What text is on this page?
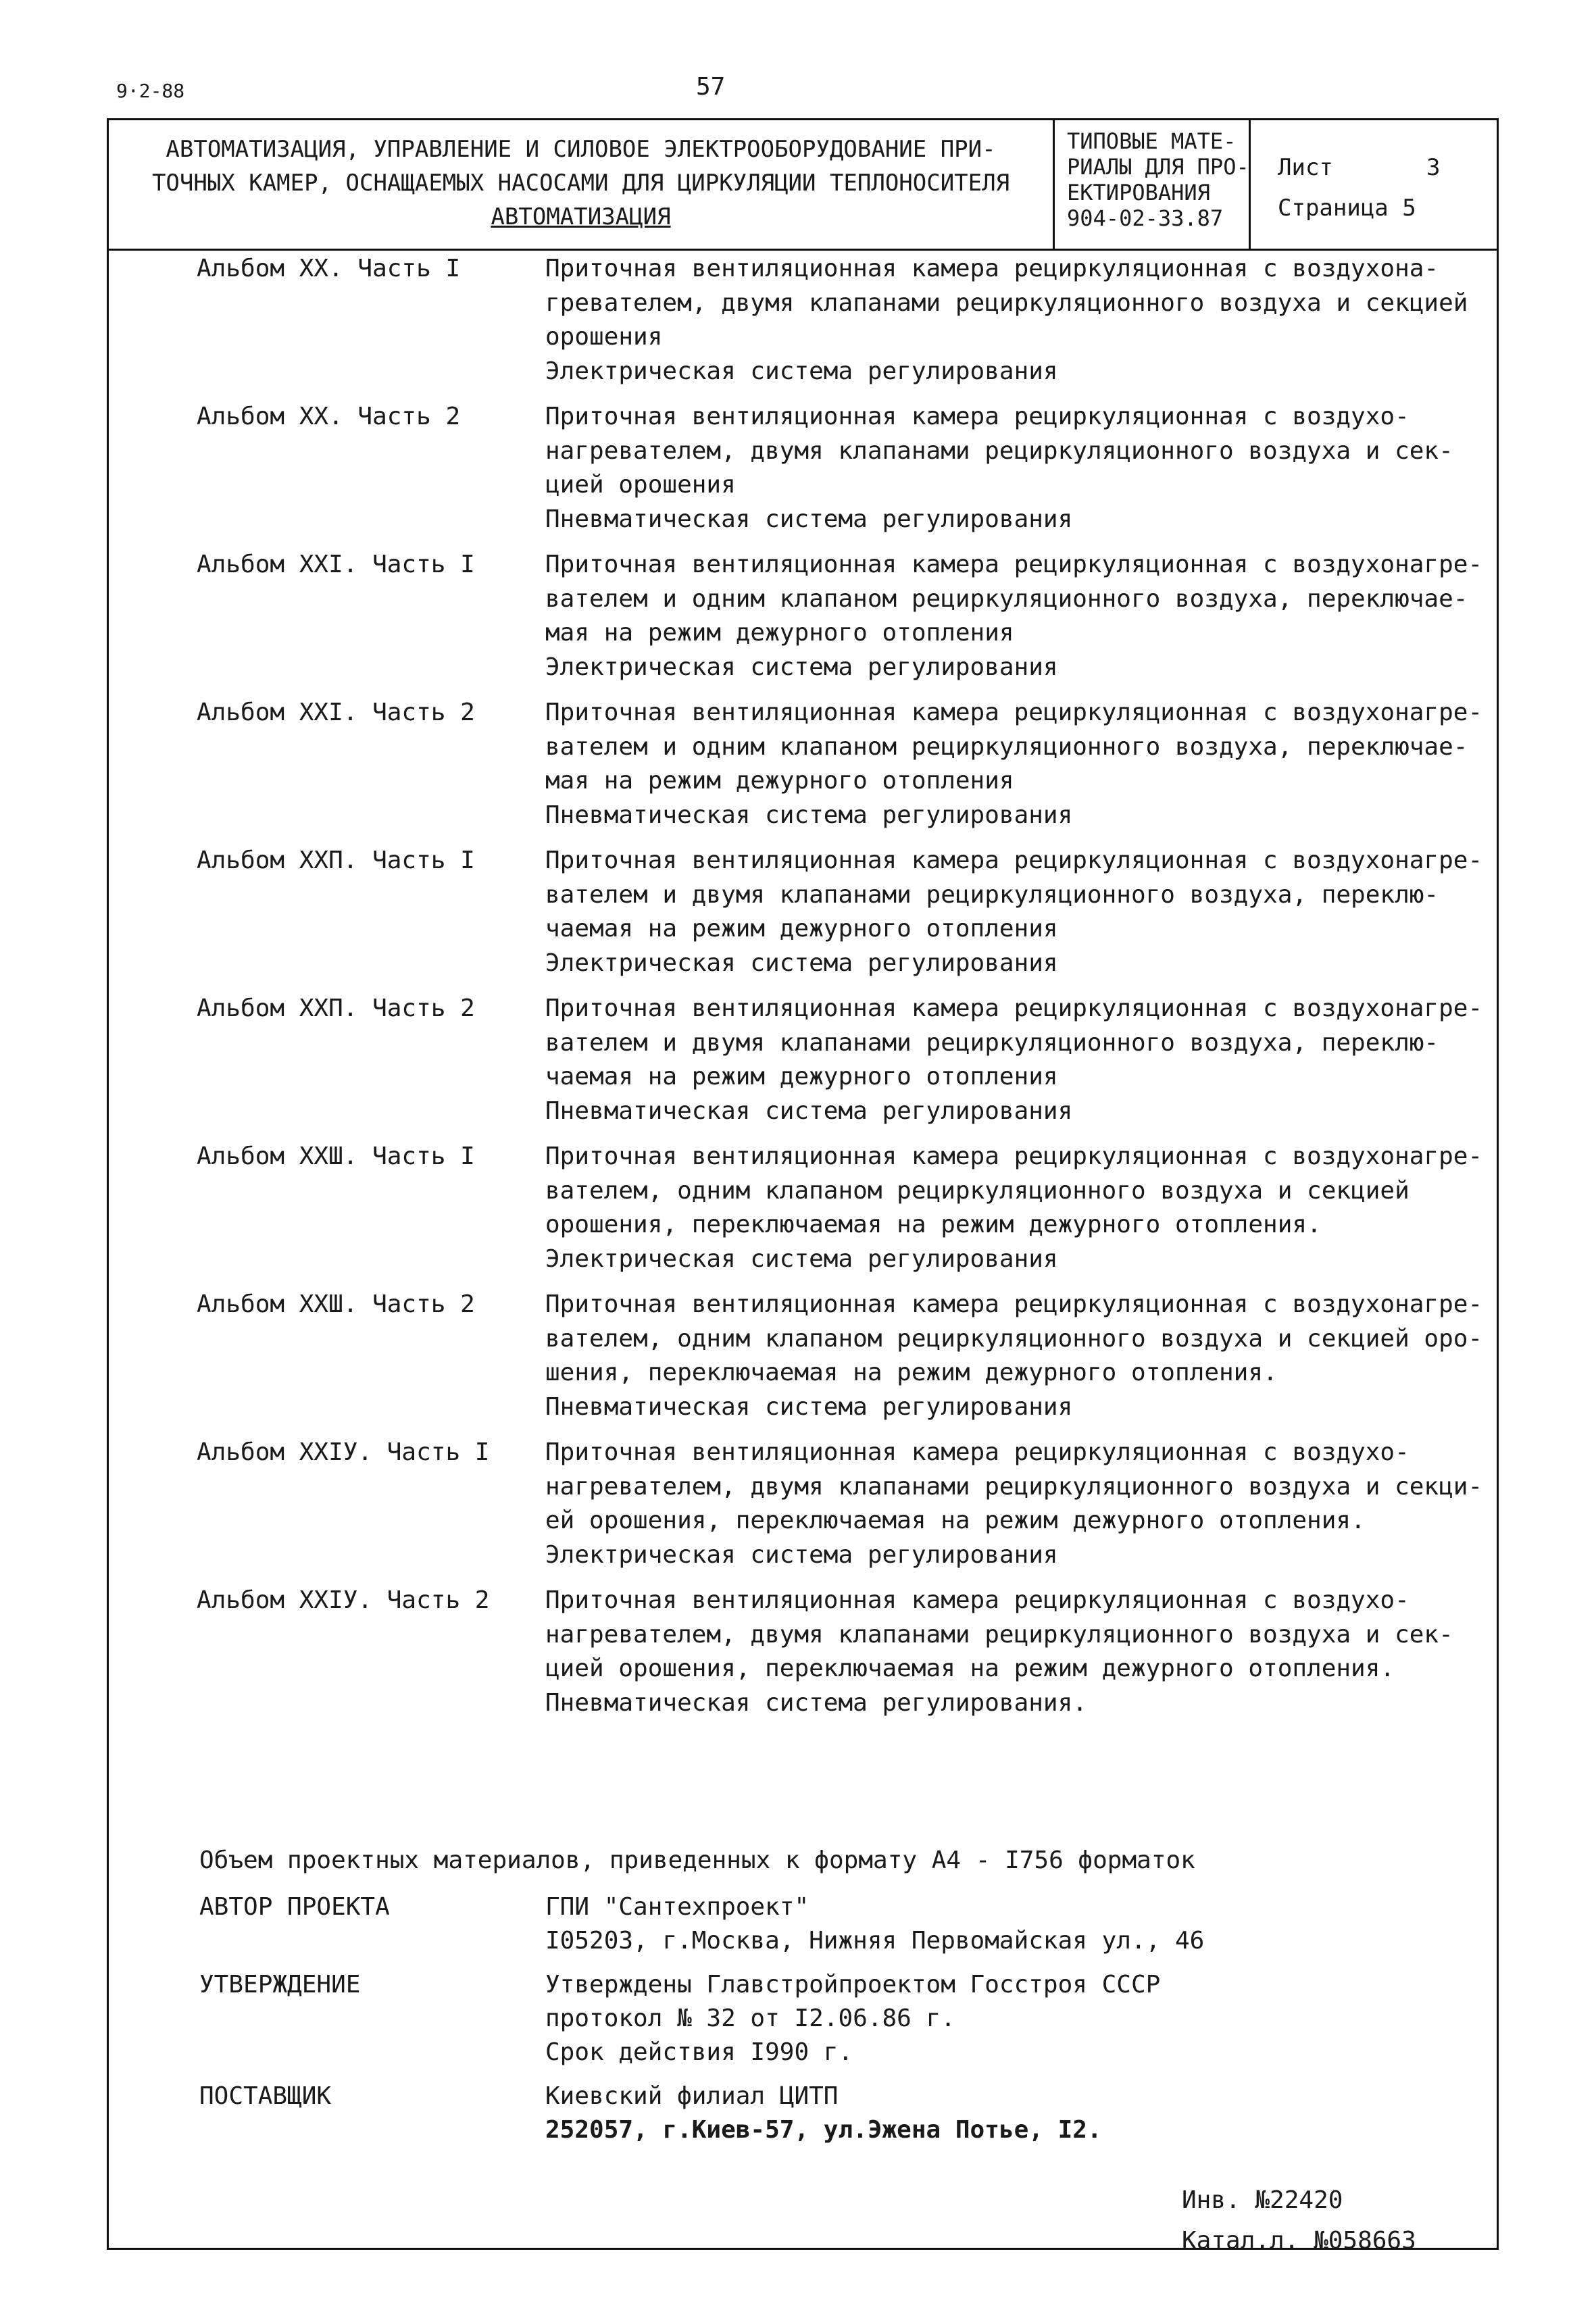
9·2-88	57
АВТОМАТИЗАЦИЯ, УПРАВЛЕНИЕ И СИЛОВОЕ ЭЛЕКТРООБОРУДОВАНИЕ ПРИ-
ТОЧНЫХ КАМЕР, ОСНАЩАЕМЫХ НАСОСАМИ ДЛЯ ЦИРКУЛЯЦИИ ТЕПЛОНОСИТЕЛЯ
АВТОМАТИЗАЦИЯ
ТИПОВЫЕ МАТЕ-
РИАЛЫ ДЛЯ ПРО-
ЕКТИРОВАНИЯ
904-02-33.87
Лист	3
Страница 5
Альбом XX. Часть I	Приточная вентиляционная камера рециркуляционная с воздухона-
гревателем, двумя клапанами рециркуляционного воздуха и секцией
орошения
Электрическая система регулирования
Альбом XX. Часть 2	Приточная вентиляционная камера рециркуляционная с воздухо-
нагревателем, двумя клапанами рециркуляционного воздуха и сек-
цией орошения
Пневматическая система регулирования
Альбом XXI. Часть I	Приточная вентиляционная камера рециркуляционная с воздухонагре-
вателем и одним клапаном рециркуляционного воздуха, переключае-
мая на режим дежурного отопления
Электрическая система регулирования
Альбом XXI. Часть 2	Приточная вентиляционная камера рециркуляционная с воздухонагре-
вателем и одним клапаном рециркуляционного воздуха, переключае-
мая на режим дежурного отопления
Пневматическая система регулирования
Альбом XXП. Часть I	Приточная вентиляционная камера рециркуляционная с воздухонагре-
вателем и двумя клапанами рециркуляционного воздуха, переклю-
чаемая на режим дежурного отопления
Электрическая система регулирования
Альбом XXП. Часть 2	Приточная вентиляционная камера рециркуляционная с воздухонагре-
вателем и двумя клапанами рециркуляционного воздуха, переклю-
чаемая на режим дежурного отопления
Пневматическая система регулирования
Альбом XXШ. Часть I	Приточная вентиляционная камера рециркуляционная с воздухонагре-
вателем, одним клапаном рециркуляционного воздуха и секцией
орошения, переключаемая на режим дежурного отопления.
Электрическая система регулирования
Альбом XXШ. Часть 2	Приточная вентиляционная камера рециркуляционная с воздухонагре-
вателем, одним клапаном рециркуляционного воздуха и секцией оро-
шения, переключаемая на режим дежурного отопления.
Пневматическая система регулирования
Альбом XXIУ. Часть I Приточная вентиляционная камера рециркуляционная с воздухо-
нагревателем, двумя клапанами рециркуляционного воздуха и секци-
ей орошения, переключаемая на режим дежурного отопления.
Электрическая система регулирования
Альбом XXIУ. Часть 2 Приточная вентиляционная камера рециркуляционная с воздухо-
нагревателем, двумя клапанами рециркуляционного воздуха и сек-
цией орошения, переключаемая на режим дежурного отопления.
Пневматическая система регулирования.
Объем проектных материалов, приведенных к формату А4 - I756 форматок
АВТОР ПРОЕКТА	ГПИ "Сантехпроект"
I05203, г.Москва, Нижняя Первомайская ул., 46
УТВЕРЖДЕНИЕ	Утверждены Главстройпроектом Госстроя СССР
протокол № 32 от I2.06.86 г.
Срок действия I990 г.
ПОСТАВЩИК	Киевский филиал ЦИТП
252057, г.Киев-57, ул.Эжена Потье, I2.
Инв. №22420
Катал.л. №058663
